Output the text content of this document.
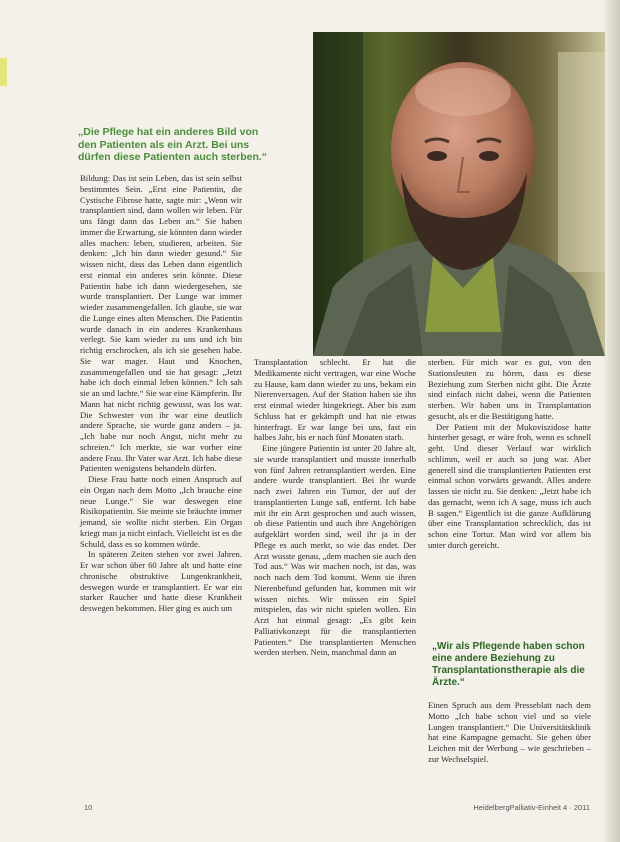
„Die Pflege hat ein anderes Bild von den Patienten als ein Arzt. Bei uns dürfen diese Patienten auch sterben.“

Bildung: Das ist sein Leben, das ist sein selbst bestimmtes Sein. „Erst eine Patientin, die Cystische Fibrose hatte, sagte mir: „Wenn wir transplantiert sind, dann wollen wir leben. Für uns fängt dann das Leben an.“ Sie haben immer die Erwartung, sie könnten dann wieder alles machen: leben, studieren, arbeiten. Sie denken: „Ich bin dann wieder gesund.“ Sie wissen nicht, dass das Leben dann eigentlich erst einmal ein anderes sein könnte. Diese Patientin habe ich dann wiedergesehen, sie wurde transplantiert. Der Lunge war immer wieder zusammengefallen. Ich glaube, sie war die Lunge eines alten Menschen. Die Patientin wurde danach in ein anderes Krankenhaus verlegt. Sie kam wieder zu uns und ich bin richtig erschrocken, als ich sie gesehen habe. Sie war mager. Haut und Knochen, zusammengefallen und sie hat gesagt: „Jetzt habe ich doch einmal leben können.“ Ich sah sie an und lachte.“ Sie war eine Kämpferin. Ihr Mann hat nicht richtig gewusst, was los war. Die Schwester von ihr war eine deutlich andere Sprache, sie wurde ganz anders – ja. „Ich habe nur noch Angst, nicht mehr zu schreien.“ Ich merkte, sie war vorher eine andere Frau. Ihr Vater war Arzt. Ich habe diese Patienten wenigstens behandeln dürfen.

Diese Frau hatte noch einen Anspruch auf ein Organ nach dem Motto „Ich brauche eine neue Lunge.“ Sie war deswegen eine Risikopatientin. Sie meinte sie bräuchte immer jemand, sie wollte nicht sterben. Ein Organ kriegt man ja nicht einfach. Vielleicht ist es die Schuld, dass es so kommen würde.

In späteren Zeiten stehen vor zwei Jahren. Er war schon über 60 Jahre alt und hatte eine chronische obstruktive Lungenkrankheit, deswegen wurde er transplantiert. Er war ein starker Raucher und hatte diese Krankheit deswegen bekommen. Hier ging es auch um

Transplantation schlecht. Er hat die Medikamente nicht vertragen, war eine Woche zu Hause, kam dann wieder zu uns, bekam ein Nierenversagen. Auf der Station haben sie ihn erst einmal wieder hingekriegt. Aber bis zum Schluss hat er gekämpft und hat nie etwas hinterfragt. Er war lange bei uns, fast ein halbes Jahr, bis er nach fünf Monaten starb.

Eine jüngere Patientin ist unter 20 Jahre alt, sie wurde transplantiert und musste innerhalb von fünf Jahren retransplantiert werden. Eine andere wurde transplantiert. Bei ihr wurde nach zwei Jahren ein Tumor, der auf der transplantierten Lunge saß, entfernt. Ich habe mit ihr ein Arzt gesprochen und auch wissen, ob diese Patientin und auch ihre Angehörigen aufgeklärt worden sind, weil ihr ja in der Pflege es auch merkt, so wie das endet. Der Arzt wusste genau, „dem machen sie auch den Tod aus.“ Was wir machen noch, ist das, was noch nach dem Tod kommt. Wenn sie ihren Nierenbefund gefunden hat, kommen mit wir wissen nichts. Wir müssen ein Spiel mitspielen, das wir nicht spielen wollen. Ein Arzt hat einmal gesagt: „Es gibt kein Palliativkonzept für die transplantierten Patienten.“ Die transplantierten Menschen werden sterben. Nein, manchmal dann an

sterben. Für mich war es gut, von den Stationsleuten zu hören, dass es diese Beziehung zum Sterben nicht gibt. Die Ärzte sind einfach nicht dabei, wenn die Patienten sterben. Wir haben uns in Transplantation gesucht, als er die Bestätigung hatte.

Der Patient mit der Mukoviszidose hatte hinterher gesagt, er wäre froh, wenn es schnell geht. Und dieser Verlauf war wirklich schlimm, weil er auch so jung war. Aber generell sind die transplantierten Patienten erst einmal schon vorwärts gewandt. Alles andere lassen sie nicht zu. Sie denken: „Jetzt habe ich das gemacht, wenn ich A sage, muss ich auch B sagen.“ Eigentlich ist die ganze Aufklärung über eine Transplantation schrecklich, das ist schon eine Tortur. Man wird vor allem bis unter durch gereicht.

„Wir als Pflegende haben schon eine andere Beziehung zu Transplantationstherapie als die Ärzte.“

Einen Spruch aus dem Presseblatt nach dem Motto „Ich habe schon viel und so viele Lungen transplantiert.“ Die Universitätsklinik hat eine Kampagne gemacht. Sie gehen über Leichen mit der Werbung – wie geschrieben – zur Wechselspiel.

10	HeidelbergPalliativ-Einheit 4 · 2011
